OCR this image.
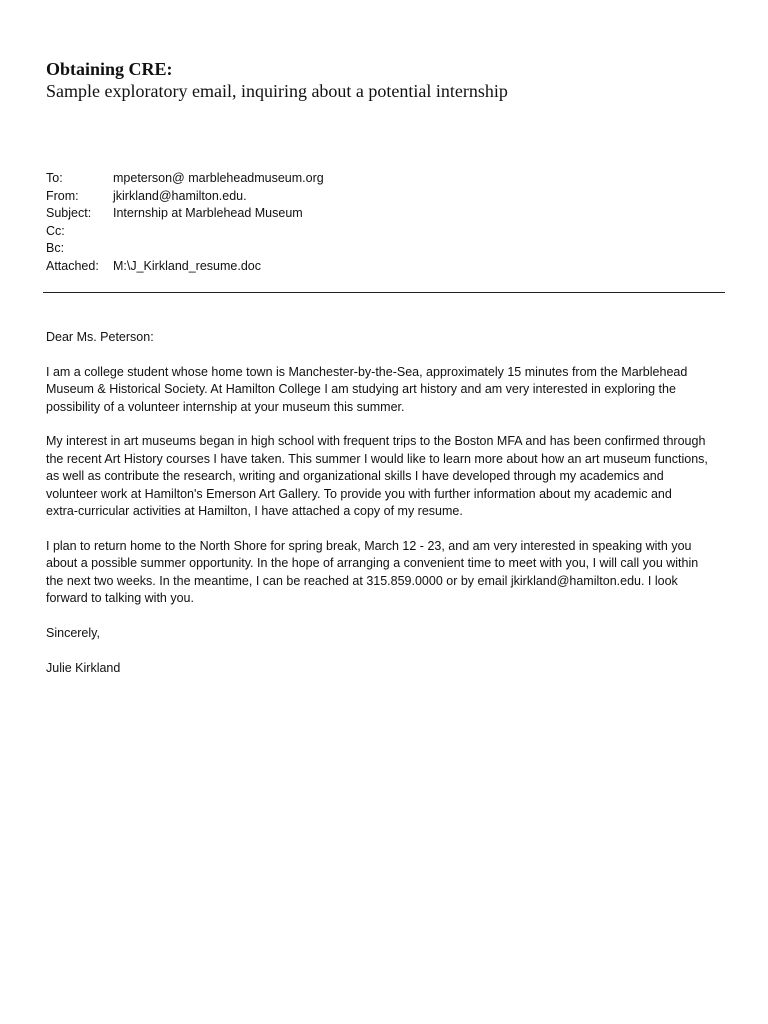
Obtaining CRE:
Sample exploratory email, inquiring about a potential internship
To:	mpeterson@ marbleheadmuseum.org
From:	jkirkland@hamilton.edu.
Subject:	Internship at Marblehead Museum
Cc:
Bc:
Attached:	M:\J_Kirkland_resume.doc

Dear Ms. Peterson:

I am a college student whose home town is Manchester-by-the-Sea, approximately 15 minutes from the Marblehead
Museum & Historical Society. At Hamilton College I am studying art history and am very interested in exploring the
possibility of a volunteer internship at your museum this summer.

My interest in art museums began in high school with frequent trips to the Boston MFA and has been confirmed through
the recent Art History courses I have taken. This summer I would like to learn more about how an art museum functions,
as well as contribute the research, writing and organizational skills I have developed through my academics and
volunteer work at Hamilton's Emerson Art Gallery. To provide you with further information about my academic and
extra-curricular activities at Hamilton, I have attached a copy of my resume.

I plan to return home to the North Shore for spring break, March 12 - 23, and am very interested in speaking with you
about a possible summer opportunity. In the hope of arranging a convenient time to meet with you, I will call you within
the next two weeks. In the meantime, I can be reached at 315.859.0000 or by email jkirkland@hamilton.edu. I look
forward to talking with you.

Sincerely,

Julie Kirkland
